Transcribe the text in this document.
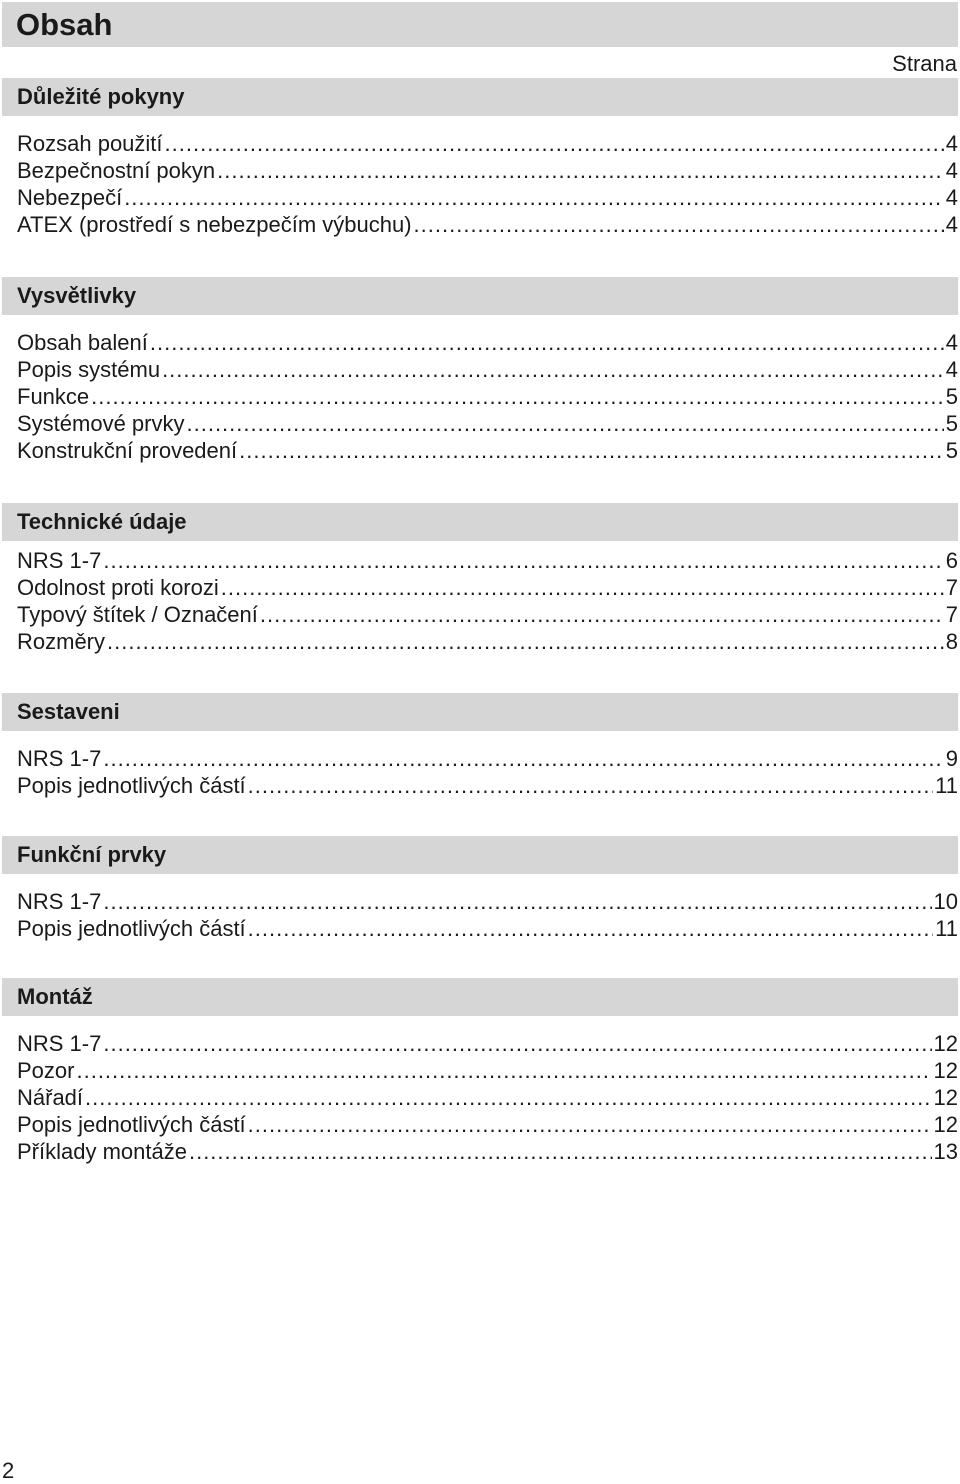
Obsah
Strana
Důležité pokyny
Rozsah použití .....	4
Bezpečnostní pokyn .....	4
Nebezpečí .....	4
ATEX (prostředí s nebezpečím výbuchu) .....	4
Vysvětlivky
Obsah balení .....	4
Popis systému .....	4
Funkce .....	5
Systémové prvky .....	5
Konstrukční provedení .....	5
Technické údaje
NRS 1-7 .....	6
Odolnost proti korozi .....	7
Typový štítek / Označení .....	7
Rozměry .....	8
Sestaveni
NRS 1-7 .....	9
Popis jednotlivých částí .....	11
Funkční prvky
NRS 1-7 .....	10
Popis jednotlivých částí .....	11
Montáž
NRS 1-7 .....	12
Pozor .....	12
Nářadí .....	12
Popis jednotlivých částí .....	12
Příklady montáže .....	13
2
